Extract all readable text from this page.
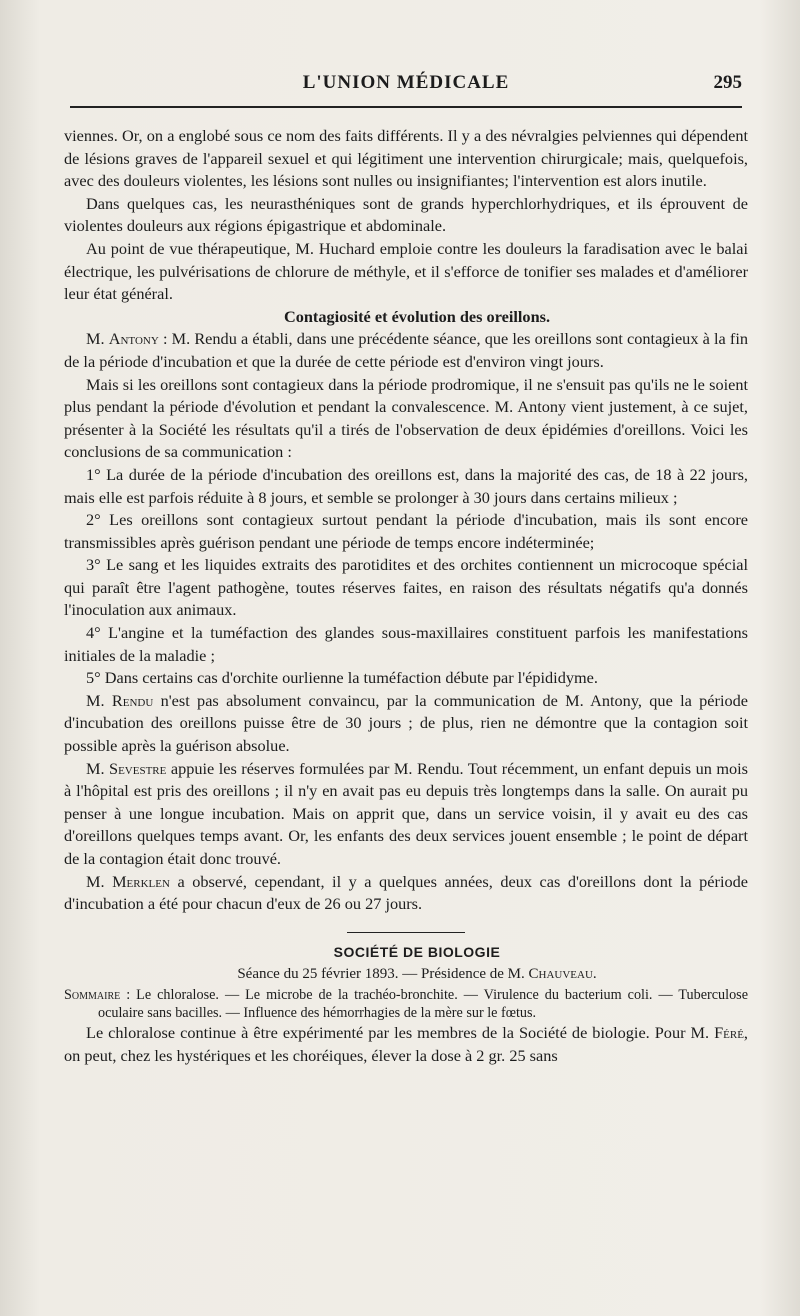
L'UNION MÉDICALE	295

viennes. Or, on a englobé sous ce nom des faits différents. Il y a des névralgies pelviennes qui dépendent de lésions graves de l'appareil sexuel et qui légitiment une intervention chirurgicale; mais, quelquefois, avec des douleurs violentes, les lésions sont nulles ou insignifiantes; l'intervention est alors inutile.

Dans quelques cas, les neurasthéniques sont de grands hyperchlorhydriques, et ils éprouvent de violentes douleurs aux régions épigastrique et abdominale.

Au point de vue thérapeutique, M. Huchard emploie contre les douleurs la faradisation avec le balai électrique, les pulvérisations de chlorure de méthyle, et il s'efforce de tonifier ses malades et d'améliorer leur état général.

Contagiosité et évolution des oreillons.

M. Antony : M. Rendu a établi, dans une précédente séance, que les oreillons sont contagieux à la fin de la période d'incubation et que la durée de cette période est d'environ vingt jours.

Mais si les oreillons sont contagieux dans la période prodromique, il ne s'ensuit pas qu'ils ne le soient plus pendant la période d'évolution et pendant la convalescence. M. Antony vient justement, à ce sujet, présenter à la Société les résultats qu'il a tirés de l'observation de deux épidémies d'oreillons. Voici les conclusions de sa communication :

1° La durée de la période d'incubation des oreillons est, dans la majorité des cas, de 18 à 22 jours, mais elle est parfois réduite à 8 jours, et semble se prolonger à 30 jours dans certains milieux ;

2° Les oreillons sont contagieux surtout pendant la période d'incubation, mais ils sont encore transmissibles après guérison pendant une période de temps encore indéterminée;

3° Le sang et les liquides extraits des parotidites et des orchites contiennent un microcoque spécial qui paraît être l'agent pathogène, toutes réserves faites, en raison des résultats négatifs qu'a donnés l'inoculation aux animaux.

4° L'angine et la tuméfaction des glandes sous-maxillaires constituent parfois les manifestations initiales de la maladie ;

5° Dans certains cas d'orchite ourlienne la tuméfaction débute par l'épididyme.

M. Rendu n'est pas absolument convaincu, par la communication de M. Antony, que la période d'incubation des oreillons puisse être de 30 jours ; de plus, rien ne démontre que la contagion soit possible après la guérison absolue.

M. Sevestre appuie les réserves formulées par M. Rendu. Tout récemment, un enfant depuis un mois à l'hôpital est pris des oreillons ; il n'y en avait pas eu depuis très longtemps dans la salle. On aurait pu penser à une longue incubation. Mais on apprit que, dans un service voisin, il y avait eu des cas d'oreillons quelques temps avant. Or, les enfants des deux services jouent ensemble ; le point de départ de la contagion était donc trouvé.

M. Merklen a observé, cependant, il y a quelques années, deux cas d'oreillons dont la période d'incubation a été pour chacun d'eux de 26 ou 27 jours.

SOCIÉTÉ DE BIOLOGIE

Séance du 25 février 1893. — Présidence de M. Chauveau.

Sommaire : Le chloralose. — Le microbe de la trachéo-bronchite. — Virulence du bacterium coli. — Tuberculose oculaire sans bacilles. — Influence des hémorrhagies de la mère sur le fœtus.

Le chloralose continue à être expérimenté par les membres de la Société de biologie. Pour M. Féré, on peut, chez les hystériques et les choréiques, élever la dose à 2 gr. 25 sans
